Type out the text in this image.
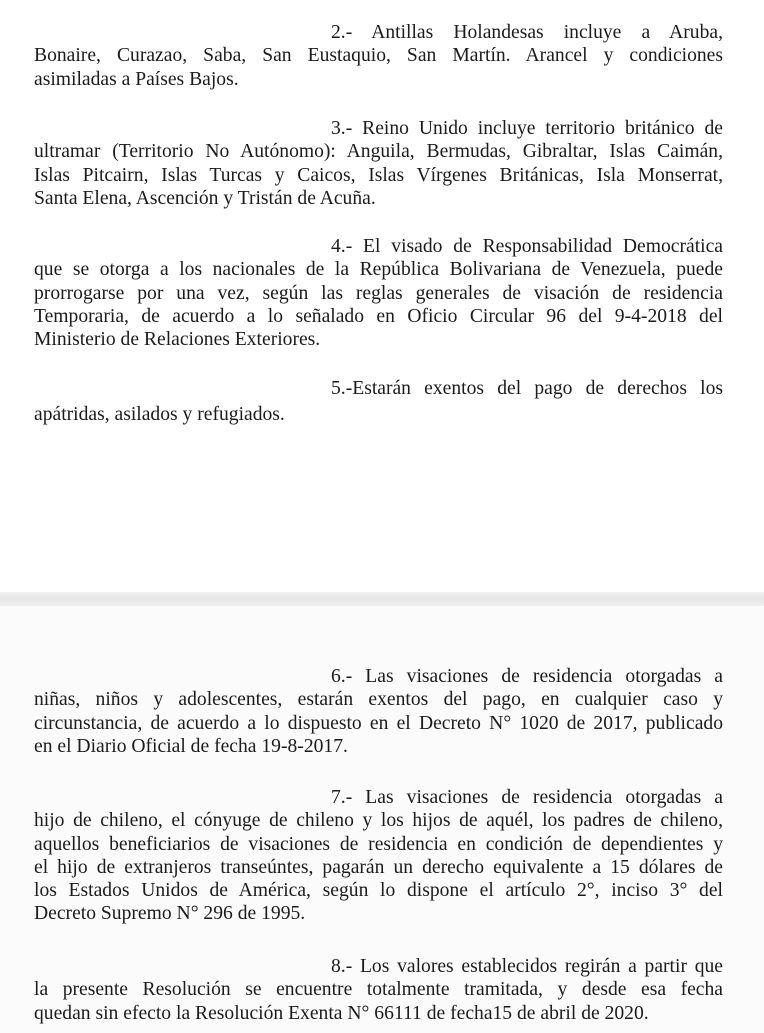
2.- Antillas Holandesas incluye a Aruba,
Bonaire, Curazao, Saba, San Eustaquio, San Martín. Arancel y condiciones
asimiladas a Países Bajos.
3.- Reino Unido incluye territorio británico de
ultramar (Territorio No Autónomo): Anguila, Bermudas, Gibraltar, Islas Caimán,
Islas Pitcairn, Islas Turcas y Caicos, Islas Vírgenes Británicas, Isla Monserrat,
Santa Elena, Ascención y Tristán de Acuña.
4.- El visado de Responsabilidad Democrática
que se otorga a los nacionales de la República Bolivariana de Venezuela, puede
prorrogarse por una vez, según las reglas generales de visación de residencia
Temporaria, de acuerdo a lo señalado en Oficio Circular 96 del 9-4-2018 del
Ministerio de Relaciones Exteriores.
5.-Estarán exentos del pago de derechos los
apátridas, asilados y refugiados.
6.- Las visaciones de residencia otorgadas a
niñas, niños y adolescentes, estarán exentos del pago, en cualquier caso y
circunstancia, de acuerdo a lo dispuesto en el Decreto N° 1020 de 2017, publicado
en el Diario Oficial de fecha 19-8-2017.
7.- Las visaciones de residencia otorgadas a
hijo de chileno, el cónyuge de chileno y los hijos de aquél, los padres de chileno,
aquellos beneficiarios de visaciones de residencia en condición de dependientes y
el hijo de extranjeros transeúntes, pagarán un derecho equivalente a 15 dólares de
los Estados Unidos de América, según lo dispone el artículo 2°, inciso 3° del
Decreto Supremo N° 296 de 1995.
8.- Los valores establecidos regirán a partir que
la presente Resolución se encuentre totalmente tramitada, y desde esa fecha
quedan sin efecto la Resolución Exenta N° 66111 de fecha15 de abril de 2020.
